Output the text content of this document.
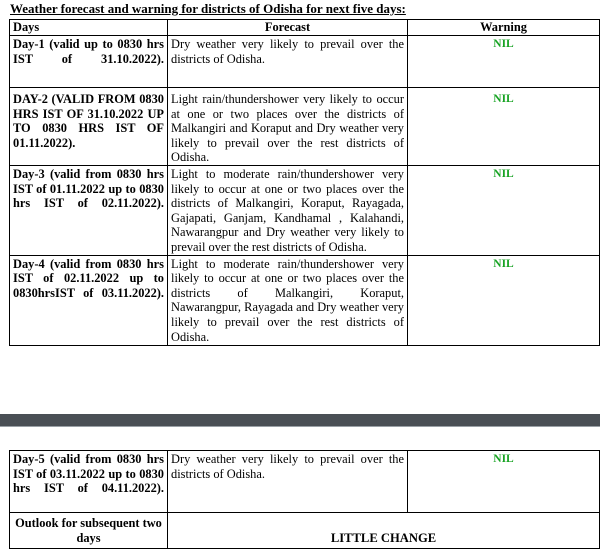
Weather forecast and warning for districts of Odisha for next five days:
Days	Forecast	Warning
Day-1 (valid up to 0830 hrs IST of 31.10.2022).	Dry weather very likely to prevail over the districts of Odisha.	NIL
DAY-2 (VALID FROM 0830 HRS IST OF 31.10.2022 UP TO 0830 HRS IST OF 01.11.2022).	Light rain/thundershower very likely to occur at one or two places over the districts of Malkangiri and Koraput and Dry weather very likely to prevail over the rest districts of Odisha.	NIL
Day-3 (valid from 0830 hrs IST of 01.11.2022 up to 0830 hrs IST of 02.11.2022).	Light to moderate rain/thundershower very likely to occur at one or two places over the districts of Malkangiri, Koraput, Rayagada, Gajapati, Ganjam, Kandhamal , Kalahandi, Nawarangpur and Dry weather very likely to prevail over the rest districts of Odisha.	NIL
Day-4 (valid from 0830 hrs IST of 02.11.2022 up to 0830hrsIST of 03.11.2022).	Light to moderate rain/thundershower very likely to occur at one or two places over the districts of Malkangiri, Koraput, Nawarangpur, Rayagada and Dry weather very likely to prevail over the rest districts of Odisha.	NIL
Day-5 (valid from 0830 hrs IST of 03.11.2022 up to 0830 hrs IST of 04.11.2022).	Dry weather very likely to prevail over the districts of Odisha.	NIL
Outlook for subsequent two days	LITTLE CHANGE	
